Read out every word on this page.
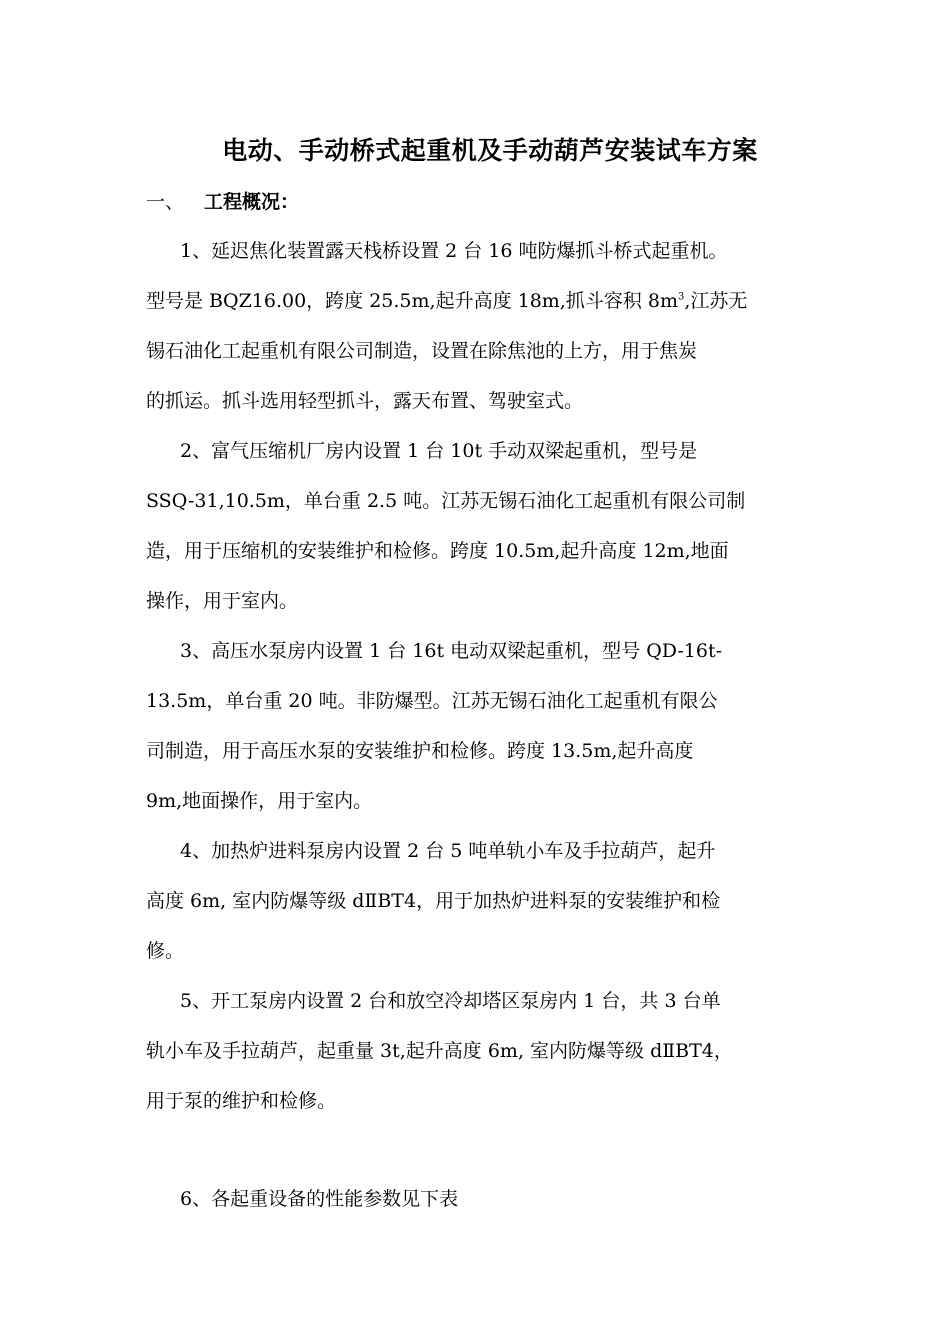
电动、手动桥式起重机及手动葫芦安装试车方案
一、 工程概况：
1、延迟焦化装置露天栈桥设置 2 台 16 吨防爆抓斗桥式起重机。
型号是 BQZ16.00，跨度 25.5m,起升高度 18m,抓斗容积 $8m^3$,江苏无
锡石油化工起重机有限公司制造，设置在除焦池的上方，用于焦炭
的抓运。抓斗选用轻型抓斗，露天布置、驾驶室式。
2、富气压缩机厂房内设置 1 台 10t 手动双梁起重机，型号是
SSQ-31,10.5m，单台重 2.5 吨。江苏无锡石油化工起重机有限公司制
造，用于压缩机的安装维护和检修。跨度 10.5m,起升高度 12m,地面
操作，用于室内。
3、高压水泵房内设置 1 台 16t 电动双梁起重机，型号 QD-16t-
13.5m，单台重 20 吨。非防爆型。江苏无锡石油化工起重机有限公
司制造，用于高压水泵的安装维护和检修。跨度 13.5m,起升高度
9m,地面操作，用于室内。
4、加热炉进料泵房内设置 2 台 5 吨单轨小车及手拉葫芦，起升
高度 6m, 室内防爆等级 dⅡBT4，用于加热炉进料泵的安装维护和检
修。
5、开工泵房内设置 2 台和放空冷却塔区泵房内 1 台，共 3 台单
轨小车及手拉葫芦，起重量 3t,起升高度 6m, 室内防爆等级 dⅡBT4，
用于泵的维护和检修。
6、各起重设备的性能参数见下表
